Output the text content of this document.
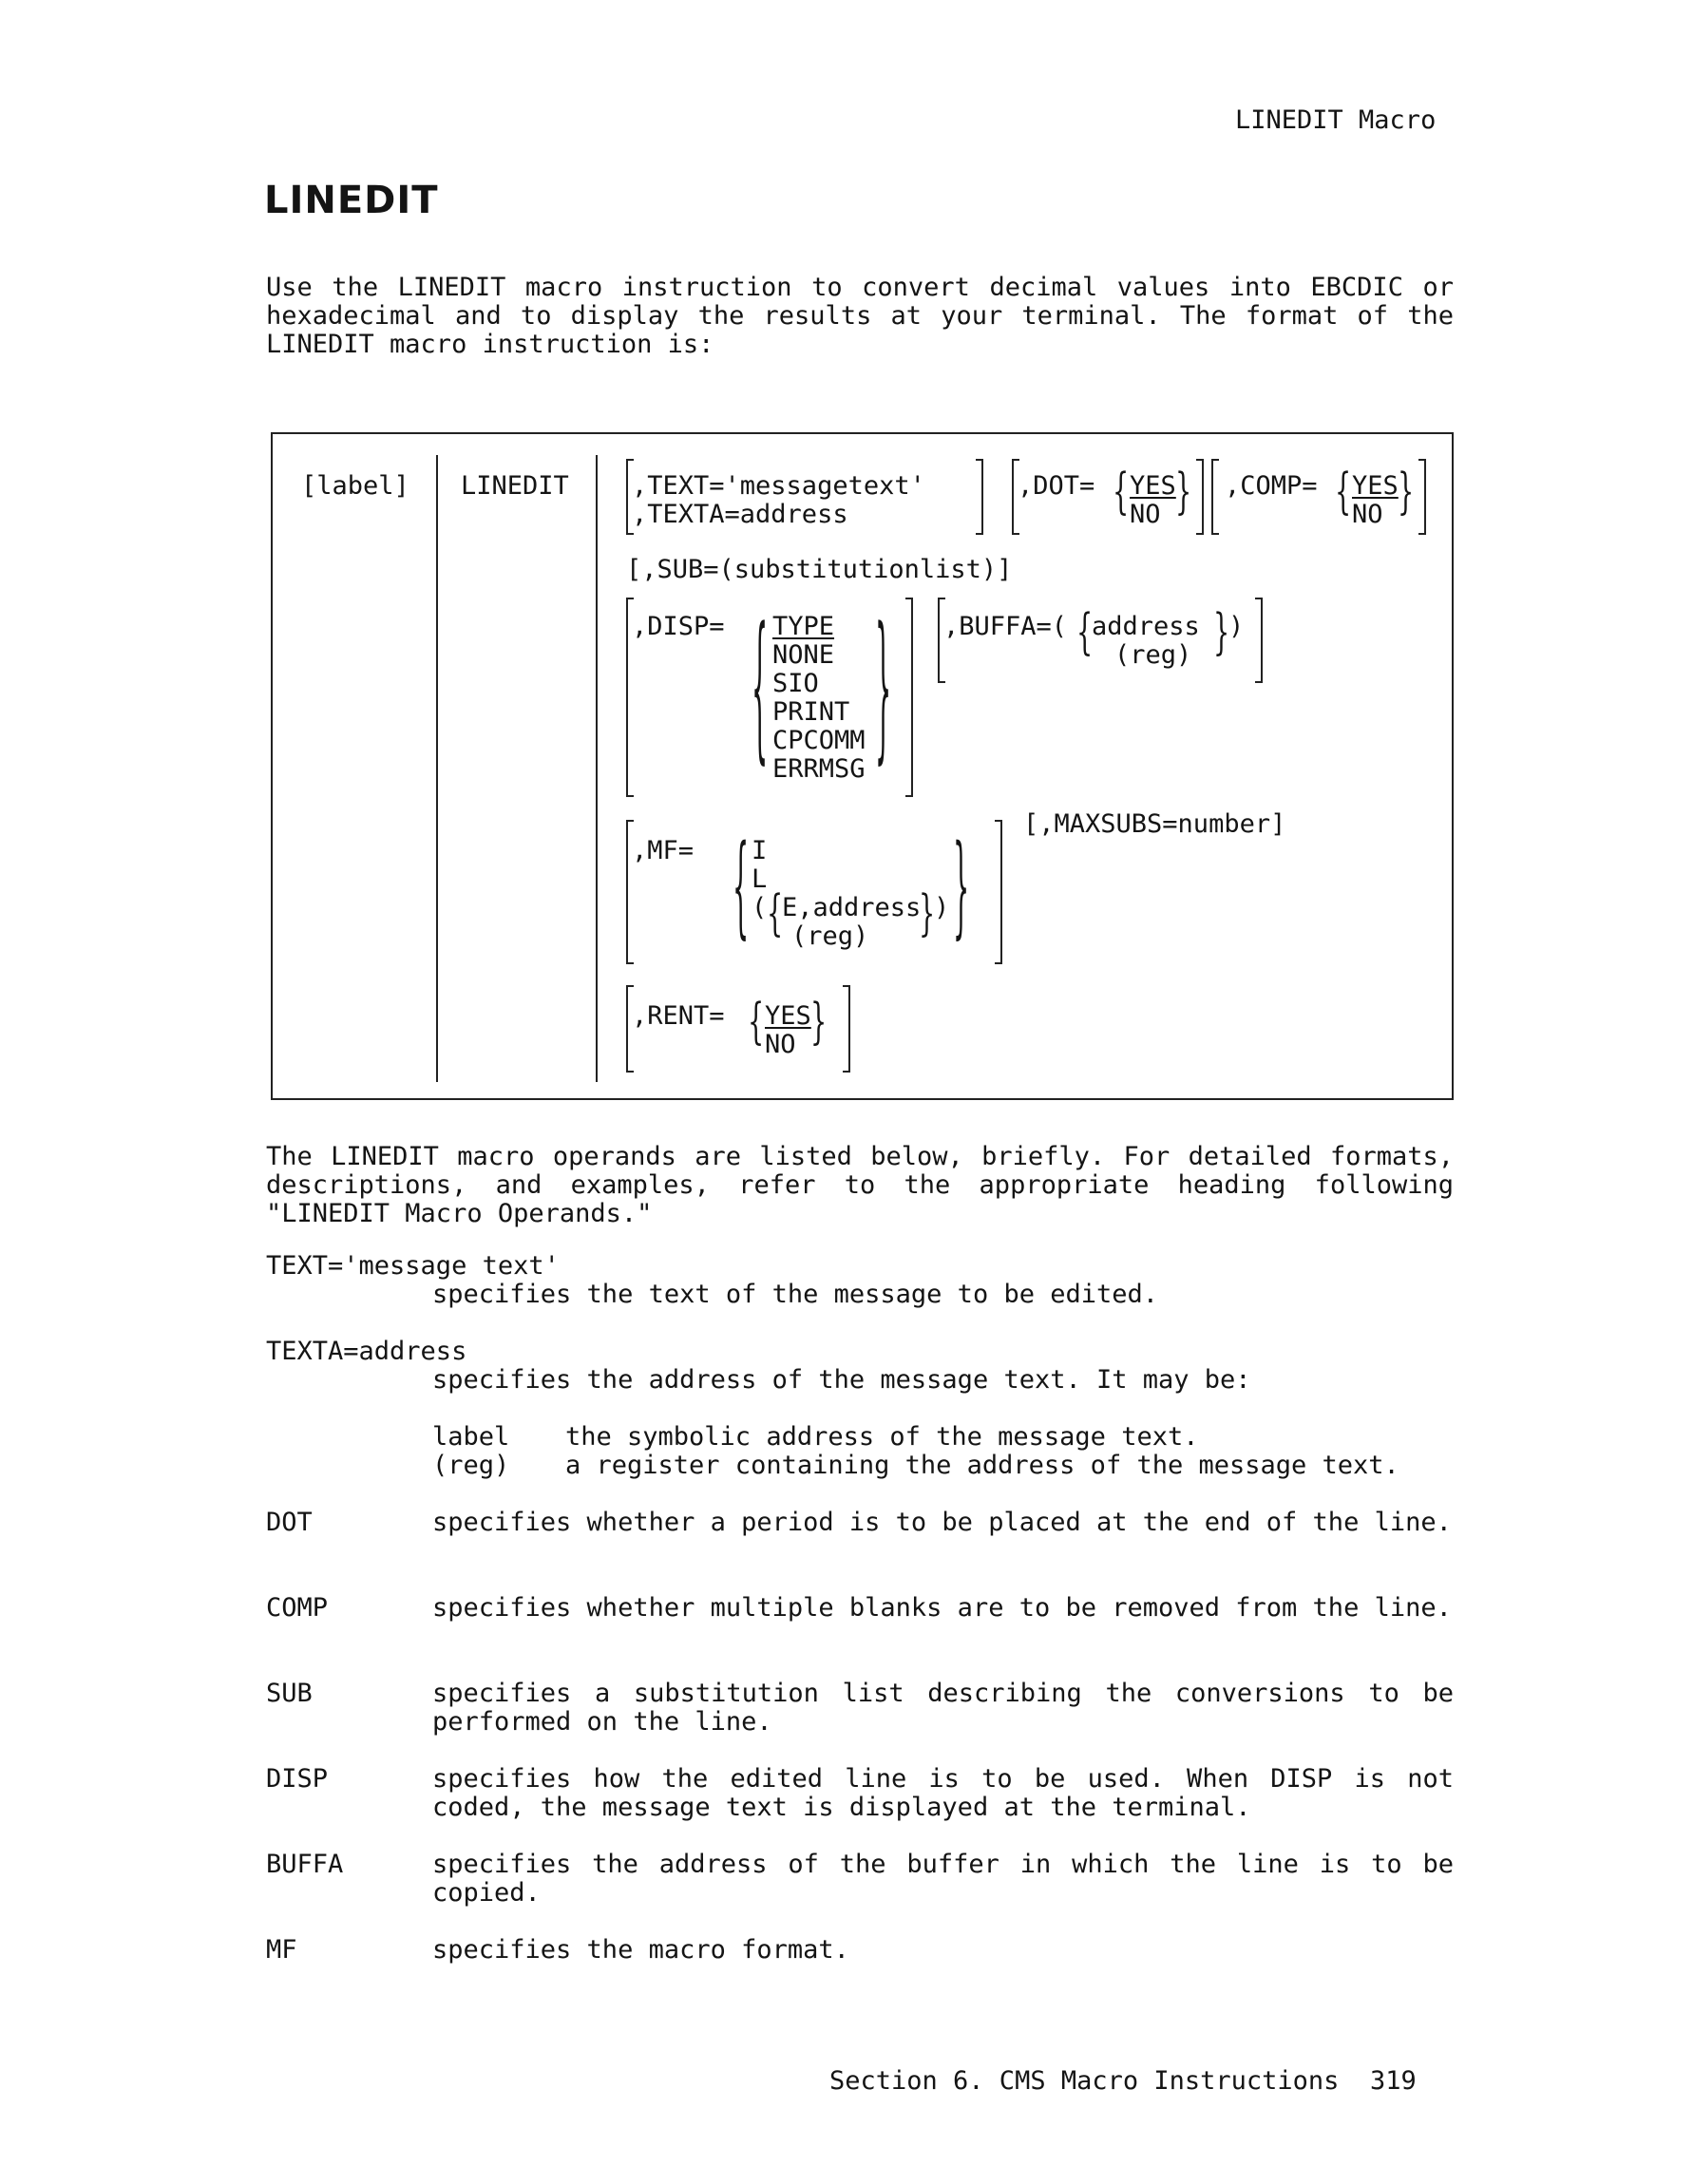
LINEDIT Macro
LINEDIT
Use the LINEDIT macro instruction to convert decimal values into EBCDIC or hexadecimal and to display the results at your terminal. The format of the LINEDIT macro instruction is:
[label] LINEDIT ,TEXT='messagetext'
,TEXTA=address
,DOT= { YES
NO } ,COMP= { YES
NO }
[,SUB=(substitutionlist)]
,DISP= { TYPE
NONE
SIO
PRINT
CPCOMM
ERRMSG } ,BUFFA=( {
address
(reg) }
)
[,MAXSUBS=number]
,MF= { I
L
( {
E,address
(reg) }
) }
,RENT= { YES
NO }
The LINEDIT macro operands are listed below, briefly. For detailed formats, descriptions, and examples, refer to the appropriate heading following "LINEDIT Macro Operands."
TEXT='message text'
specifies the text of the message to be edited.
TEXTA=address
specifies the address of the message text. It may be:
label the symbolic address of the message text.
(reg) a register containing the address of the message text.
DOT	specifies whether a period is to be placed at the end of the line.
COMP	specifies whether multiple blanks are to be removed from the line.
SUB	specifies a substitution list describing the conversions to be performed on the line.
DISP	specifies how the edited line is to be used. When DISP is not coded, the message text is displayed at the terminal.
BUFFA	specifies the address of the buffer in which the line is to be copied.
MF	specifies the macro format.
Section 6. CMS Macro Instructions 319
